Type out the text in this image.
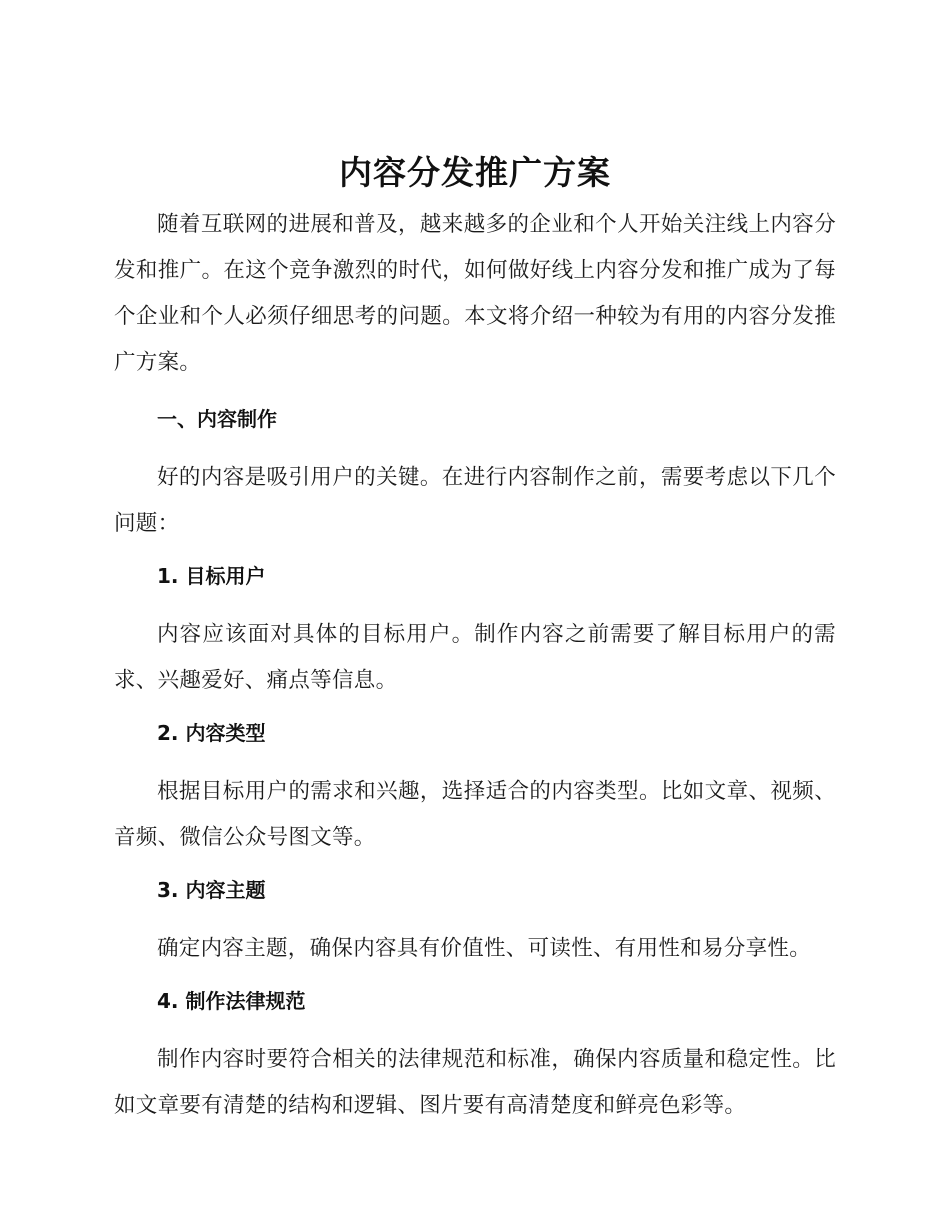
内容分发推广方案

随着互联网的进展和普及，越来越多的企业和个人开始关注线上内容分发和推广。在这个竞争激烈的时代，如何做好线上内容分发和推广成为了每个企业和个人必须仔细思考的问题。本文将介绍一种较为有用的内容分发推广方案。

一、内容制作

好的内容是吸引用户的关键。在进行内容制作之前，需要考虑以下几个问题：

1. 目标用户

内容应该面对具体的目标用户。制作内容之前需要了解目标用户的需求、兴趣爱好、痛点等信息。

2. 内容类型

根据目标用户的需求和兴趣，选择适合的内容类型。比如文章、视频、音频、微信公众号图文等。

3. 内容主题

确定内容主题，确保内容具有价值性、可读性、有用性和易分享性。

4. 制作法律规范

制作内容时要符合相关的法律规范和标准，确保内容质量和稳定性。比如文章要有清楚的结构和逻辑、图片要有高清楚度和鲜亮色彩等。
